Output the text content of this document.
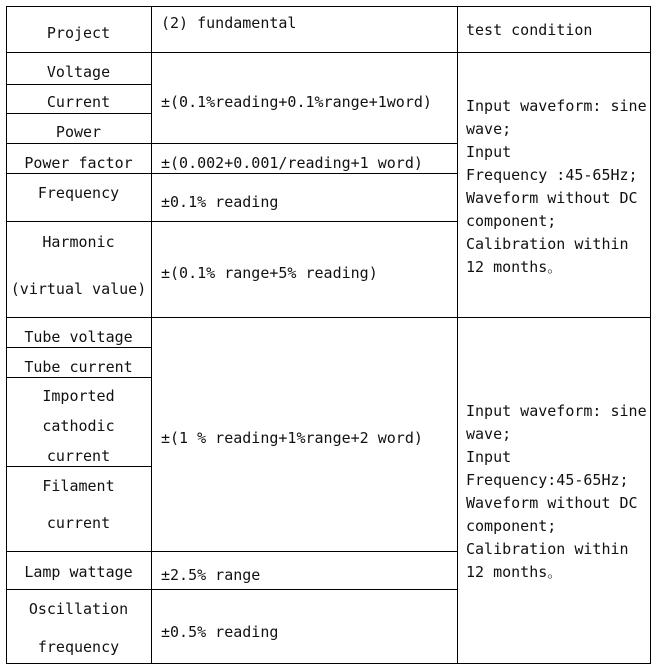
Project
(2) fundamental	test condition
Voltage
Current
Power
Power factor
Frequency
Harmonic
(virtual value)
±(0.1%reading+0.1%range+1word)
±(0.002+0.001/reading+1 word)
±0.1% reading
±(0.1% range+5% reading)
Input waveform: sine
wave;
Input
Frequency :45-65Hz;
Waveform without DC
component;
Calibration within
12 months。
Tube voltage
Tube current
Imported
cathodic
current
Filament
current
Lamp wattage
Oscillation
frequency
±(1 % reading+1%range+2 word)
±2.5% range
±0.5% reading
Input waveform: sine
wave;
Input
Frequency:45-65Hz;
Waveform without DC
component;
Calibration within
12 months。
